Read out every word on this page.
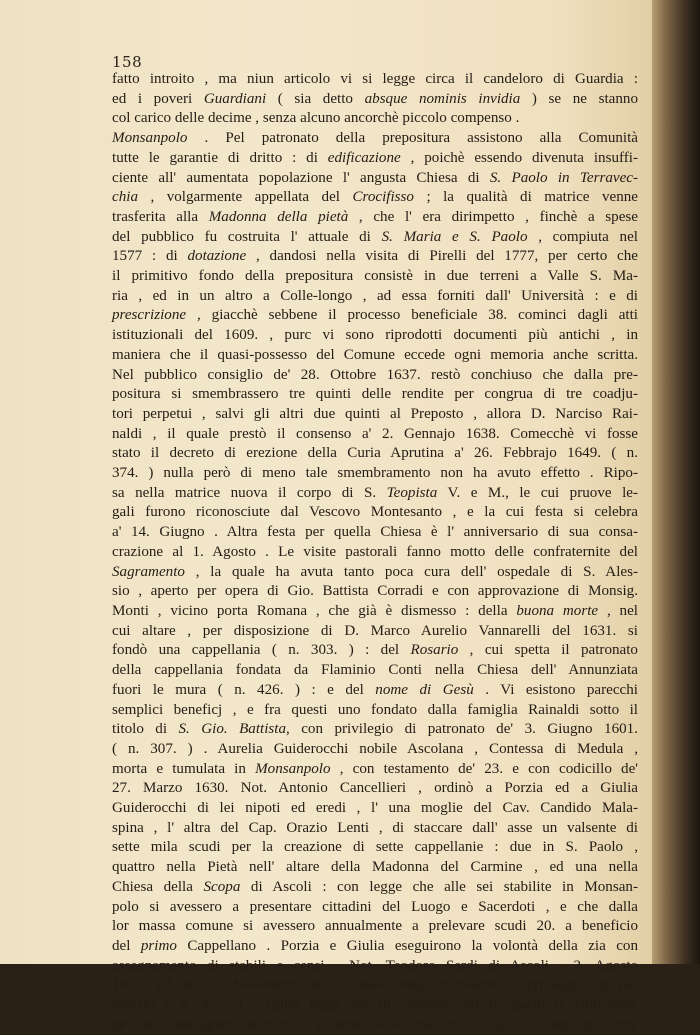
158
fatto introito , ma niun articolo vi si legge circa il candeloro di Guardia :
ed i poveri Guardiani ( sia detto absque nominis invidia ) se ne stanno
col carico delle decime , senza alcuno ancorchè piccolo compenso .
Monsanpolo . Pel patronato della prepositura assistono alla Comunità
tutte le garantie di dritto : di edificazione , poichè essendo divenuta insuffi-
ciente all' aumentata popolazione l' angusta Chiesa di S. Paolo in Terravec-
chia , volgarmente appellata del Crocifisso ; la qualità di matrice venne
trasferita alla Madonna della pietà , che l' era dirimpetto , finchè a spese
del pubblico fu costruita l' attuale di S. Maria e S. Paolo , compiuta nel
1577 : di dotazione , dandosi nella visita di Pirelli del 1777, per certo che
il primitivo fondo della prepositura consistè in due terreni a Valle S. Ma-
ria , ed in un altro a Colle-longo , ad essa forniti dall' Università : e di
prescrizione , giacchè sebbene il processo beneficiale 38. cominci dagli atti
istituzionali del 1609. , purc vi sono riprodotti documenti più antichi , in
maniera che il quasi-possesso del Comune eccede ogni memoria anche scritta.
Nel pubblico consiglio de' 28. Ottobre 1637. restò conchiuso che dalla pre-
positura si smembrassero tre quinti delle rendite per congrua di tre coadju-
tori perpetui , salvi gli altri due quinti al Preposto , allora D. Narciso Rai-
naldi , il quale prestò il consenso a' 2. Gennajo 1638. Comecchè vi fosse
stato il decreto di erezione della Curia Aprutina a' 26. Febbrajo 1649. ( n.
374. ) nulla però di meno tale smembramento non ha avuto effetto . Ripo-
sa nella matrice nuova il corpo di S. Teopista V. e M., le cui pruove le-
gali furono riconosciute dal Vescovo Montesanto , e la cui festa si celebra
a' 14. Giugno . Altra festa per quella Chiesa è l' anniversario di sua consa-
crazione al 1. Agosto . Le visite pastorali fanno motto delle confraternite del
Sagramento , la quale ha avuta tanto poca cura dell' ospedale di S. Ales-
sio , aperto per opera di Gio. Battista Corradi e con approvazione di Monsig.
Monti , vicino porta Romana , che già è dismesso : della buona morte , nel
cui altare , per disposizione di D. Marco Aurelio Vannarelli del 1631. si
fondò una cappellania ( n. 303. ) : del Rosario , cui spetta il patronato
della cappellania fondata da Flaminio Conti nella Chiesa dell' Annunziata
fuori le mura ( n. 426. ) : e del nome di Gesù . Vi esistono parecchi
semplici beneficj , e fra questi uno fondato dalla famiglia Rainaldi sotto il
titolo di S. Gio. Battista, con privilegio di patronato de' 3. Giugno 1601.
( n. 307. ) . Aurelia Guiderocchi nobile Ascolana , Contessa di Medula ,
morta e tumulata in Monsanpolo , con testamento de' 23. e con codicillo de'
27. Marzo 1630. Not. Antonio Cancellieri , ordinò a Porzia ed a Giulia
Guiderocchi di lei nipoti ed eredi , l' una moglie del Cav. Candido Mala-
spina , l' altra del Cap. Orazio Lenti , di staccare dall' asse un valsente di
sette mila scudi per la creazione di sette cappellanie : due in S. Paolo ,
quattro nella Pietà nell' altare della Madonna del Carmine , ed una nella
Chiesa della Scopa di Ascoli : con legge che alle sei stabilite in Monsan-
polo si avessero a presentare cittadini del Luogo e Sacerdoti , e che dalla
lor massa comune si avessero annualmente a prelevare scudi 20. a beneficio
del primo Cappellano . Porzia e Giulia eseguirono la volontà della zia con
assegnamento di stabili e censi , Not. Teodoro Sardi di Ascoli , 2. Agosto
1632. ed ai 24. Novembre dello stesso anno riscossero il privilegio di pa-
tronato ( n. 425. ) . Quivi negli atti di erezione, ed in quelli d' istituzione
de' sei antesignani Rettori , è tante volte nel 1632. Aurelia indicata come
